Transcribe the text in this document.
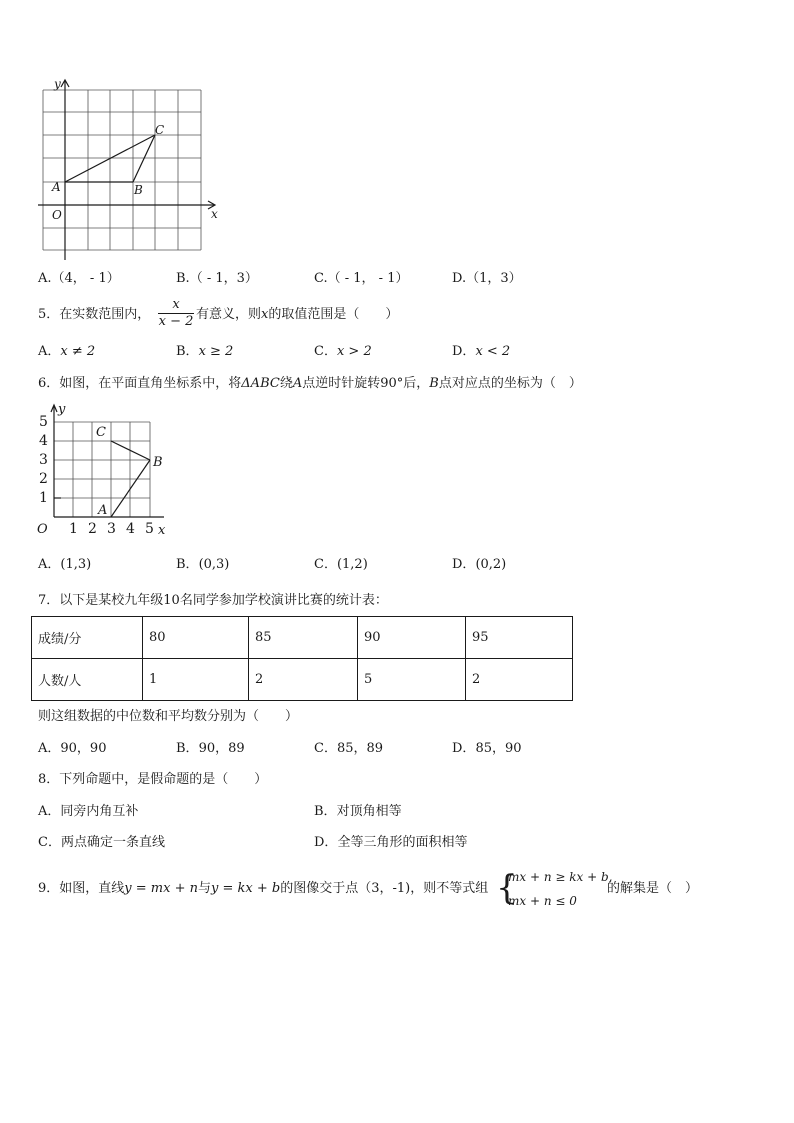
x
y
O
A	B
C
A.（4， - 1）	B.（ - 1，3）	C.（ - 1， - 1）	D.（1，3）
5．在实数范围内，
x
x − 2 有意义，则x的取值范围是（　　）
A．x ≠ 2	B．x ≥ 2	C．x > 2	D．x < 2
6．如图，在平面直角坐标系中，将ΔABC绕A点逆时针旋转90°后，B点对应点的坐标为（　）
5
4
3
2
1
1 2 3 4 5
O
y
x
A
B
C
A．(1,3)	B．(0,3)	C．(1,2)	D．(0,2)
7．以下是某校九年级10名同学参加学校演讲比赛的统计表：
成绩/分	80	85	90	95
人数/人	1	2	5	2
则这组数据的中位数和平均数分别为（　　）
A．90，90	B．90，89	C．85，89	D．85，90
8．下列命题中，是假命题的是（　　）
A．同旁内角互补	B．对顶角相等
C．两点确定一条直线	D．全等三角形的面积相等
9．如图，直线y = mx + n与y = kx + b的图像交于点（3，-1)，则不等式组 {
mx + n ≥ kx + b,
mx + n ≤ 0
的解集是（　）
